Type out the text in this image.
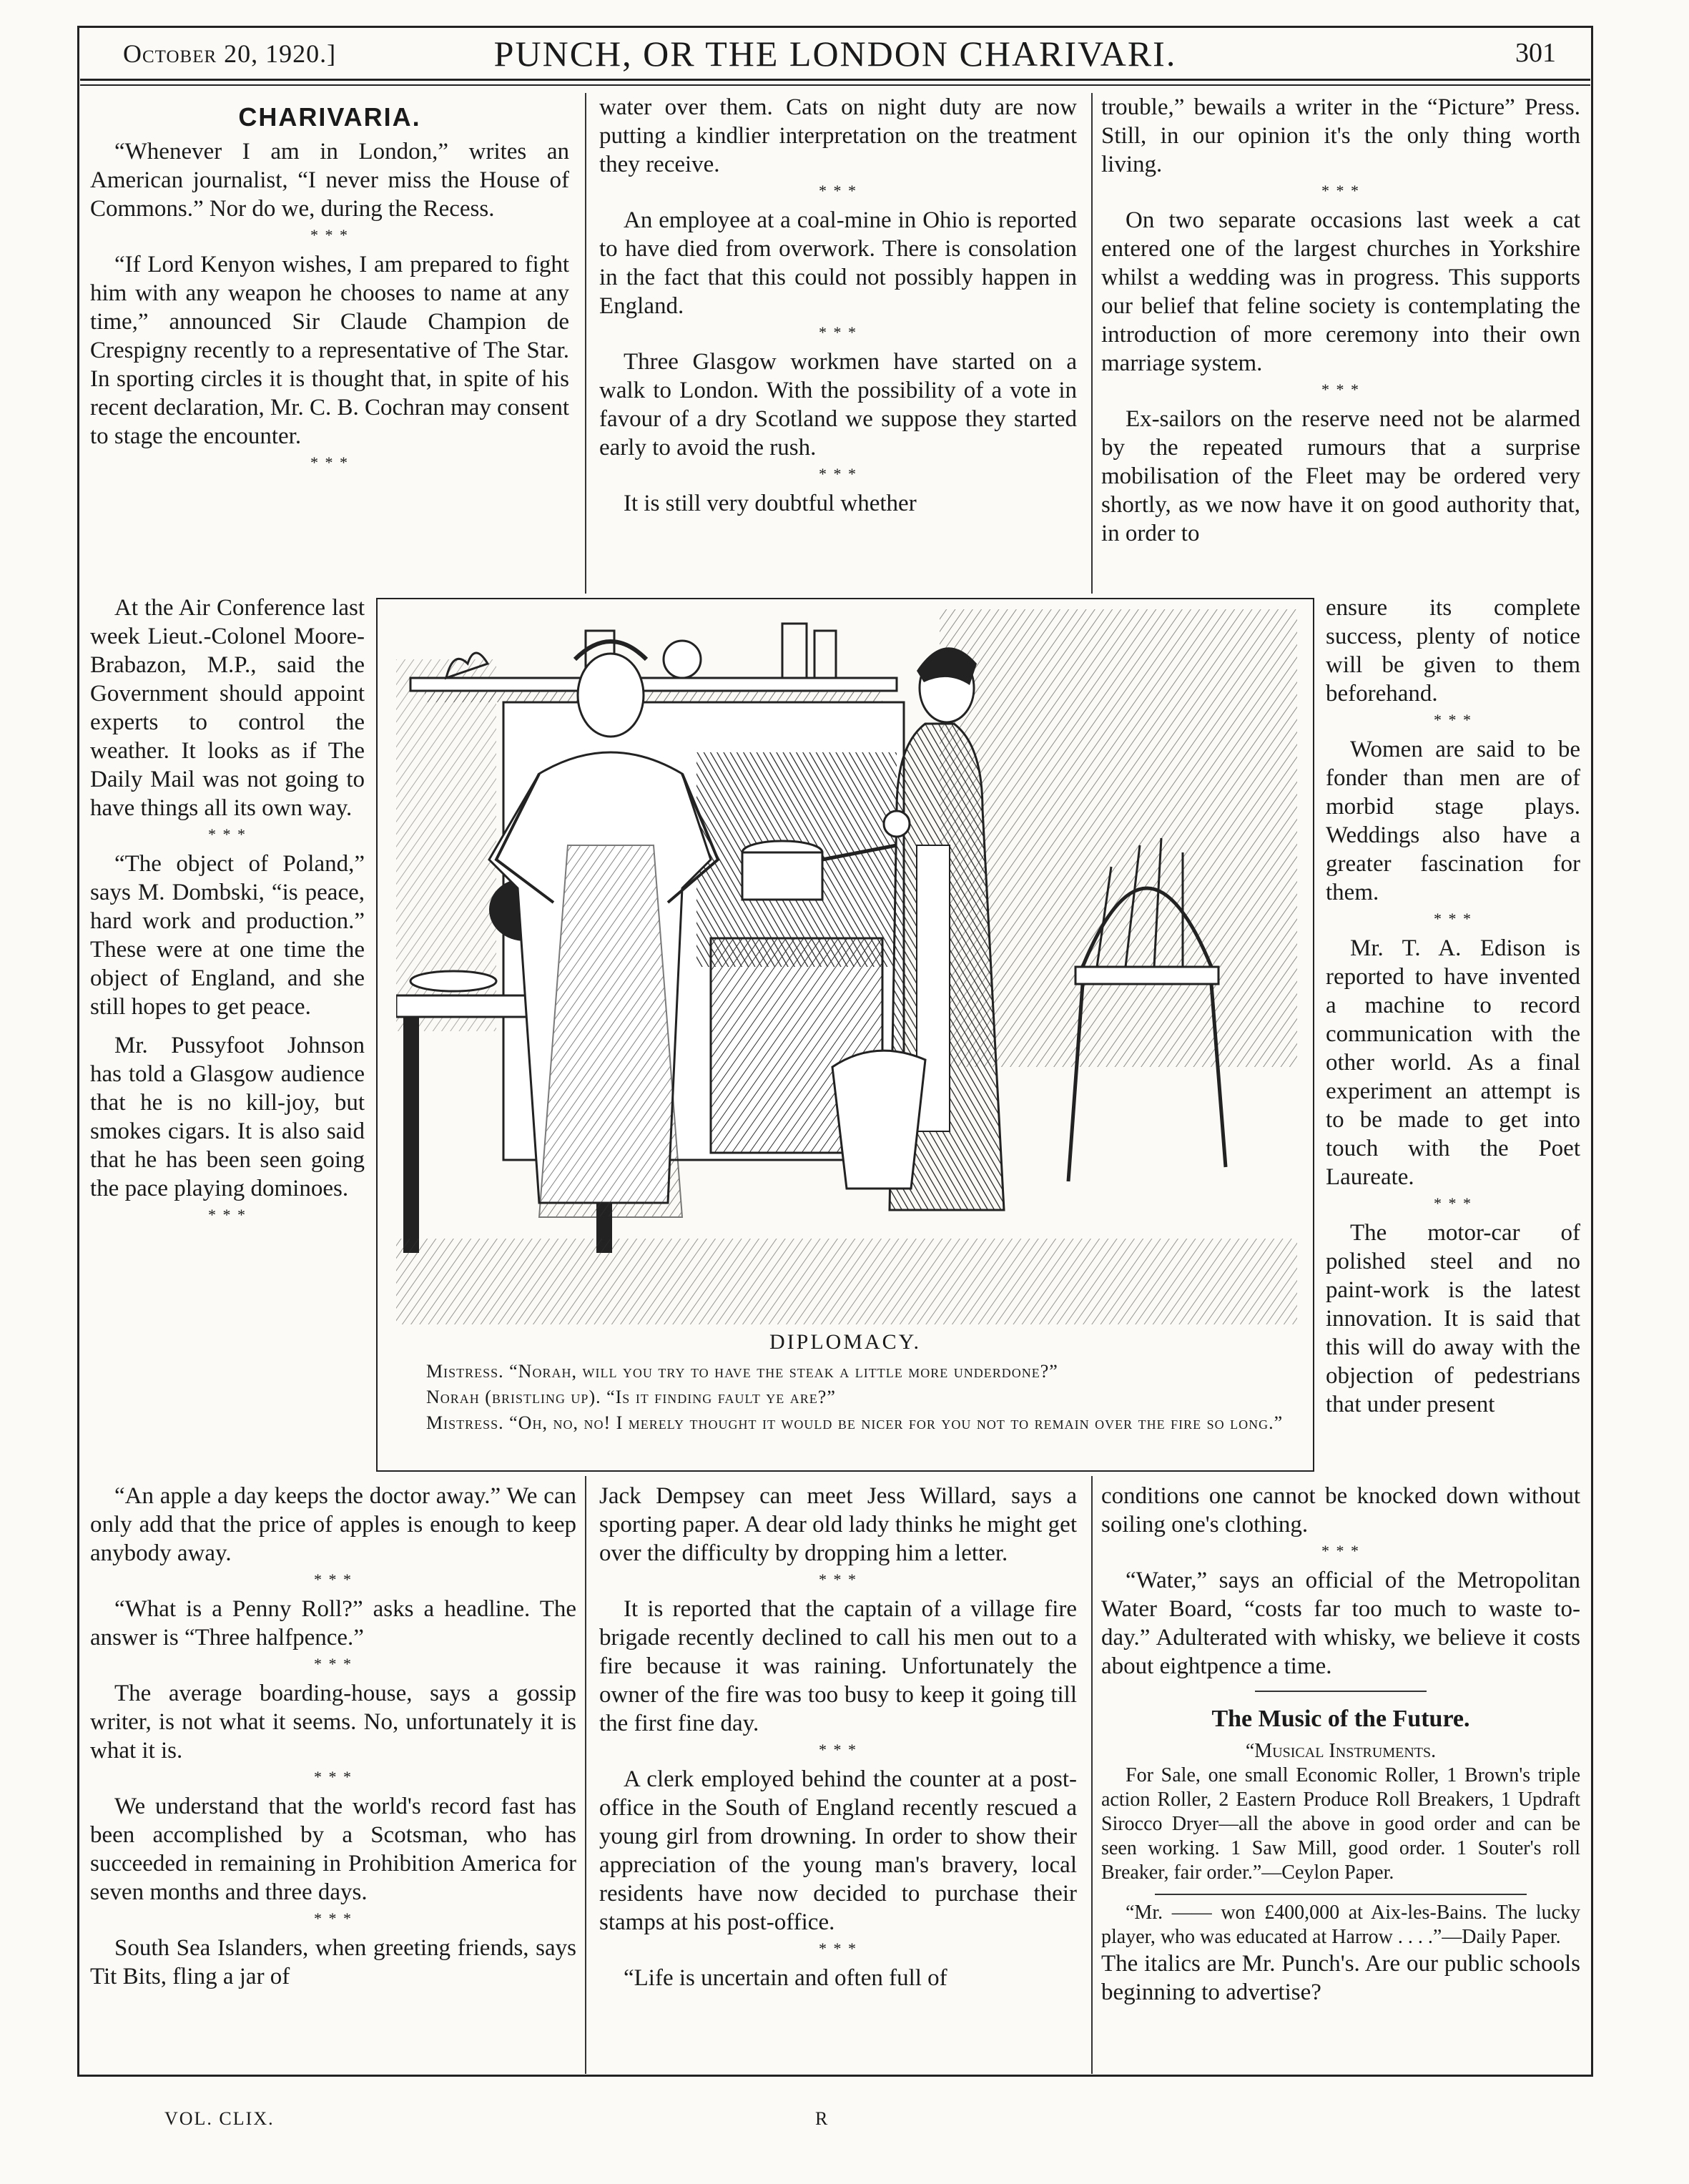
October 20, 1920.]	PUNCH, OR THE LONDON CHARIVARI.	301
CHARIVARIA.

“Whenever I am in London,” writes an American journalist, “I never miss the House of Commons.” Nor do we, during the Recess.

* * *

“If Lord Kenyon wishes, I am prepared to fight him with any weapon he chooses to name at any time,” announced Sir Claude Champion de Crespigny recently to a representative of The Star. In sporting circles it is thought that, in spite of his recent declaration, Mr. C. B. Cochran may consent to stage the encounter.

* * *

At the Air Conference last week Lieut.-Colonel Moore-Brabazon, M.P., said the Government should appoint experts to control the weather. It looks as if The Daily Mail was not going to have things all its own way.

* * *

“The object of Poland,” says M. Dombski, “is peace, hard work and production.” These were at one time the object of England, and she still hopes to get peace.

Mr. Pussyfoot Johnson has told a Glasgow audience that he is no kill-joy, but smokes cigars. It is also said that he has been seen going the pace playing dominoes.

* * *

“An apple a day keeps the doctor away.” We can only add that the price of apples is enough to keep anybody away.

* * *

“What is a Penny Roll?” asks a headline. The answer is “Three halfpence.”

* * *

The average boarding-house, says a gossip writer, is not what it seems. No, unfortunately it is what it is.

* * *

We understand that the world's record fast has been accomplished by a Scotsman, who has succeeded in remaining in Prohibition America for seven months and three days.

* * *

South Sea Islanders, when greeting friends, says Tit Bits, fling a jar of

water over them. Cats on night duty are now putting a kindlier interpretation on the treatment they receive.

* * *

An employee at a coal-mine in Ohio is reported to have died from overwork. There is consolation in the fact that this could not possibly happen in England.

* * *

Three Glasgow workmen have started on a walk to London. With the possibility of a vote in favour of a dry Scotland we suppose they started early to avoid the rush.

* * *

It is still very doubtful whether

Jack Dempsey can meet Jess Willard, says a sporting paper. A dear old lady thinks he might get over the difficulty by dropping him a letter.

* * *

It is reported that the captain of a village fire brigade recently declined to call his men out to a fire because it was raining. Unfortunately the owner of the fire was too busy to keep it going till the first fine day.

* * *

A clerk employed behind the counter at a post-office in the South of England recently rescued a young girl from drowning. In order to show their appreciation of the young man's bravery, local residents have now decided to purchase their stamps at his post-office.

* * *

“Life is uncertain and often full of

trouble,” bewails a writer in the “Picture” Press. Still, in our opinion it's the only thing worth living.

* * *

On two separate occasions last week a cat entered one of the largest churches in Yorkshire whilst a wedding was in progress. This supports our belief that feline society is contemplating the introduction of more ceremony into their own marriage system.

* * *

Ex-sailors on the reserve need not be alarmed by the repeated rumours that a surprise mobilisation of the Fleet may be ordered very shortly, as we now have it on good authority that, in order to

ensure its complete success, plenty of notice will be given to them beforehand.

* * *

Women are said to be fonder than men are of morbid stage plays. Weddings also have a greater fascination for them.

* * *

Mr. T. A. Edison is reported to have invented a machine to record communication with the other world. As a final experiment an attempt is to be made to get into touch with the Poet Laureate.

* * *

The motor-car of polished steel and no paint-work is the latest innovation. It is said that this will do away with the objection of pedestrians that under present

conditions one cannot be knocked down without soiling one's clothing.

* * *

“Water,” says an official of the Metropolitan Water Board, “costs far too much to waste to-day.” Adulterated with whisky, we believe it costs about eightpence a time.

The Music of the Future.
“Musical Instruments.

For Sale, one small Economic Roller, 1 Brown's triple action Roller, 2 Eastern Produce Roll Breakers, 1 Updraft Sirocco Dryer—all the above in good order and can be seen working. 1 Saw Mill, good order. 1 Souter's roll Breaker, fair order.”—Ceylon Paper.

“Mr. —— won £400,000 at Aix-les-Bains. The lucky player, who was educated at Harrow . . . .”—Daily Paper.

The italics are Mr. Punch's. Are our public schools beginning to advertise?

DIPLOMACY.

Mistress. “Norah, will you try to have the steak a little more underdone?”

Norah (bristling up). “Is it finding fault ye are?”

Mistress. “Oh, no, no! I merely thought it would be nicer for you not to remain over the fire so long.”

VOL. CLIX.	R
